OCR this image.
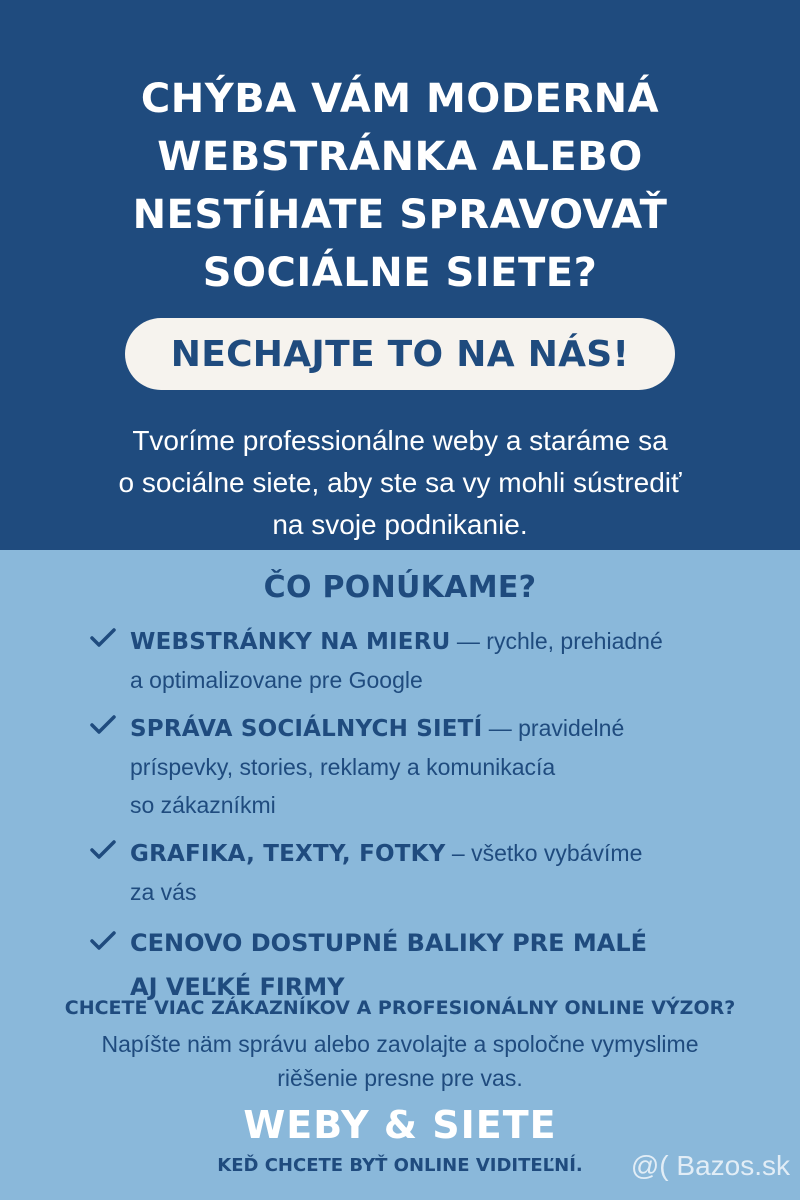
CHÝBA VÁM MODERNÁ
WEBSTRÁNKA ALEBO
NESTÍHATE SPRAVOVAŤ
SOCIÁLNE SIETE?
NECHAJTE TO NA NÁS!
Tvoríme professionálne weby a staráme sa
o sociálne siete, aby ste sa vy mohli sústrediť
na svoje podnikanie.
ČO PONÚKAME?
WEBSTRÁNKY NA MIERU — rychle, prehiadné
a optimalizovane pre Google
SPRÁVA SOCIÁLNYCH SIETÍ — pravidelné
príspevky, stories, reklamy a komunikacía
so zákazníkmi
GRAFIKA, TEXTY, FOTKY – všetko vybávíme
za vás
CENOVO DOSTUPNÉ BALIKY PRE MALÉ
AJ VEĽKÉ FIRMY
CHCETE VIAC ZÁKAZNÍKOV A PROFESIONÁLNY ONLINE VÝZOR?
Napíšte näm správu alebo zavolajte a spoločne vymyslime
riěšenie presne pre vas.
WEBY & SIETE
KEĎ CHCETE BYŤ ONLINE VIDITEĽNÍ.	@( Bazos.sk
